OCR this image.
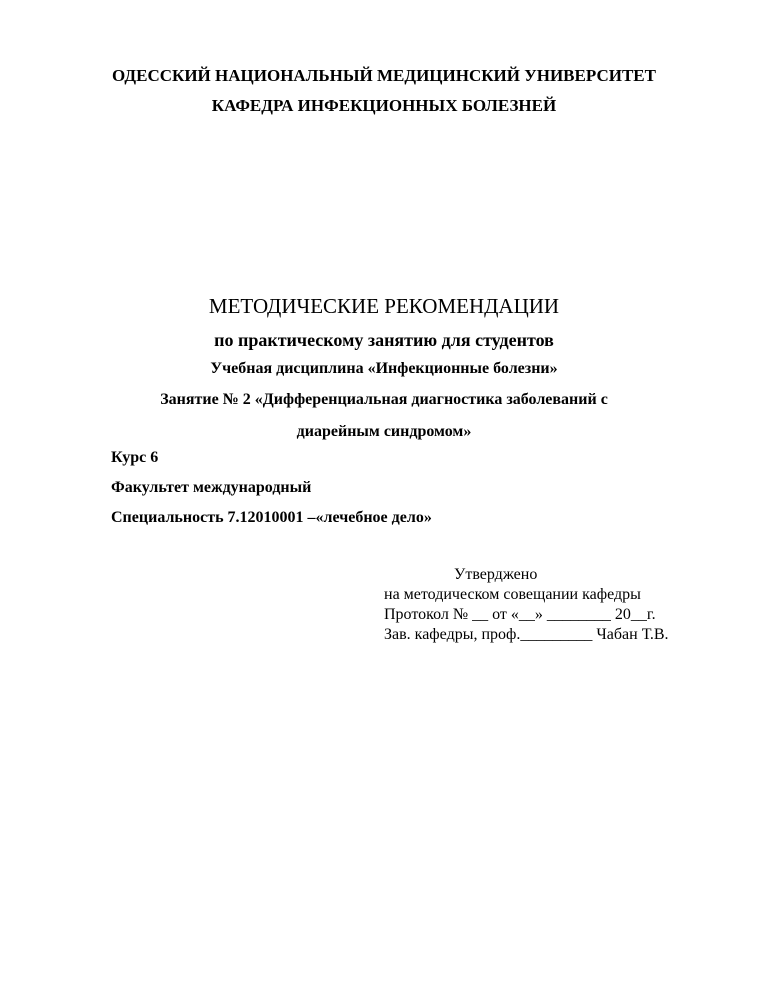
ОДЕССКИЙ НАЦИОНАЛЬНЫЙ МЕДИЦИНСКИЙ УНИВЕРСИТЕТ
КАФЕДРА ИНФЕКЦИОННЫХ БОЛЕЗНЕЙ
МЕТОДИЧЕСКИЕ РЕКОМЕНДАЦИИ
по практическому занятию для студентов
Учебная дисциплина «Инфекционные болезни»
Занятие № 2 «Дифференциальная диагностика заболеваний с
диарейным синдромом»
Курс 6
Факультет международный
Специальность 7.12010001 –«лечебное дело»
Утверджено
на методическом совещании кафедры
Протокол № __ от «__» ________ 20__г.
Зав. кафедры, проф._________ Чабан Т.В.
